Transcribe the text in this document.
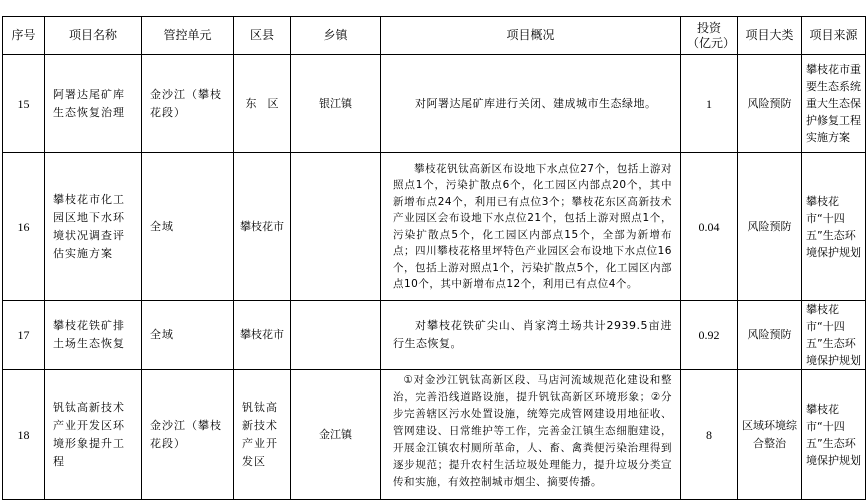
序号	项目名称	管控单元	区县	乡镇	项目概况	投资（亿元）	项目大类	项目来源
15	阿署达尾矿库生态恢复治理	金沙江（攀枝花段）	东　区	银江镇	对阿署达尾矿库进行关闭、建成城市生态绿地。	1	风险预防	攀枝花市重要生态系统重大生态保护修复工程实施方案
16	攀枝花市化工园区地下水环境状况调查评估实施方案	全域	攀枝花市		攀枝花钒钛高新区布设地下水点位27个，包括上游对照点1个，污染扩散点6个，化工园区内部点20个，其中新增布点24个，利用已有点位3个；攀枝花东区高新技术产业园区会布设地下水点位21个，包括上游对照点1个，污染扩散点5个，化工园区内部点15个，全部为新增布点；四川攀枝花格里坪特色产业园区会布设地下水点位16个，包括上游对照点1个，污染扩散点5个，化工园区内部点10个，其中新增布点12个，利用已有点位4个。	0.04	风险预防	攀枝花市“十四五”生态环境保护规划
17	攀枝花铁矿排土场生态恢复	全域	攀枝花市		对攀枝花铁矿尖山、肖家湾土场共计2939.5亩进行生态恢复。	0.92	风险预防	攀枝花市“十四五”生态环境保护规划
18	钒钛高新技术产业开发区环境形象提升工程	金沙江（攀枝花段）	钒钛高新技术产业开发区	金江镇	①对金沙江钒钛高新区段、马店河流域规范化建设和整治，完善沿线道路设施，提升钒钛高新区环境形象；②分步完善辖区污水处置设施，统筹完成管网建设用地征收、管网建设、日常维护等工作，完善金江镇生态细胞建设，开展金江镇农村厕所革命，人、畜、禽粪便污染治理得到逐步规范；提升农村生活垃圾处理能力，提升垃圾分类宣传和实施，有效控制城市烟尘、摘要传播。	8	区域环境综合整治	攀枝花市“十四五”生态环境保护规划
